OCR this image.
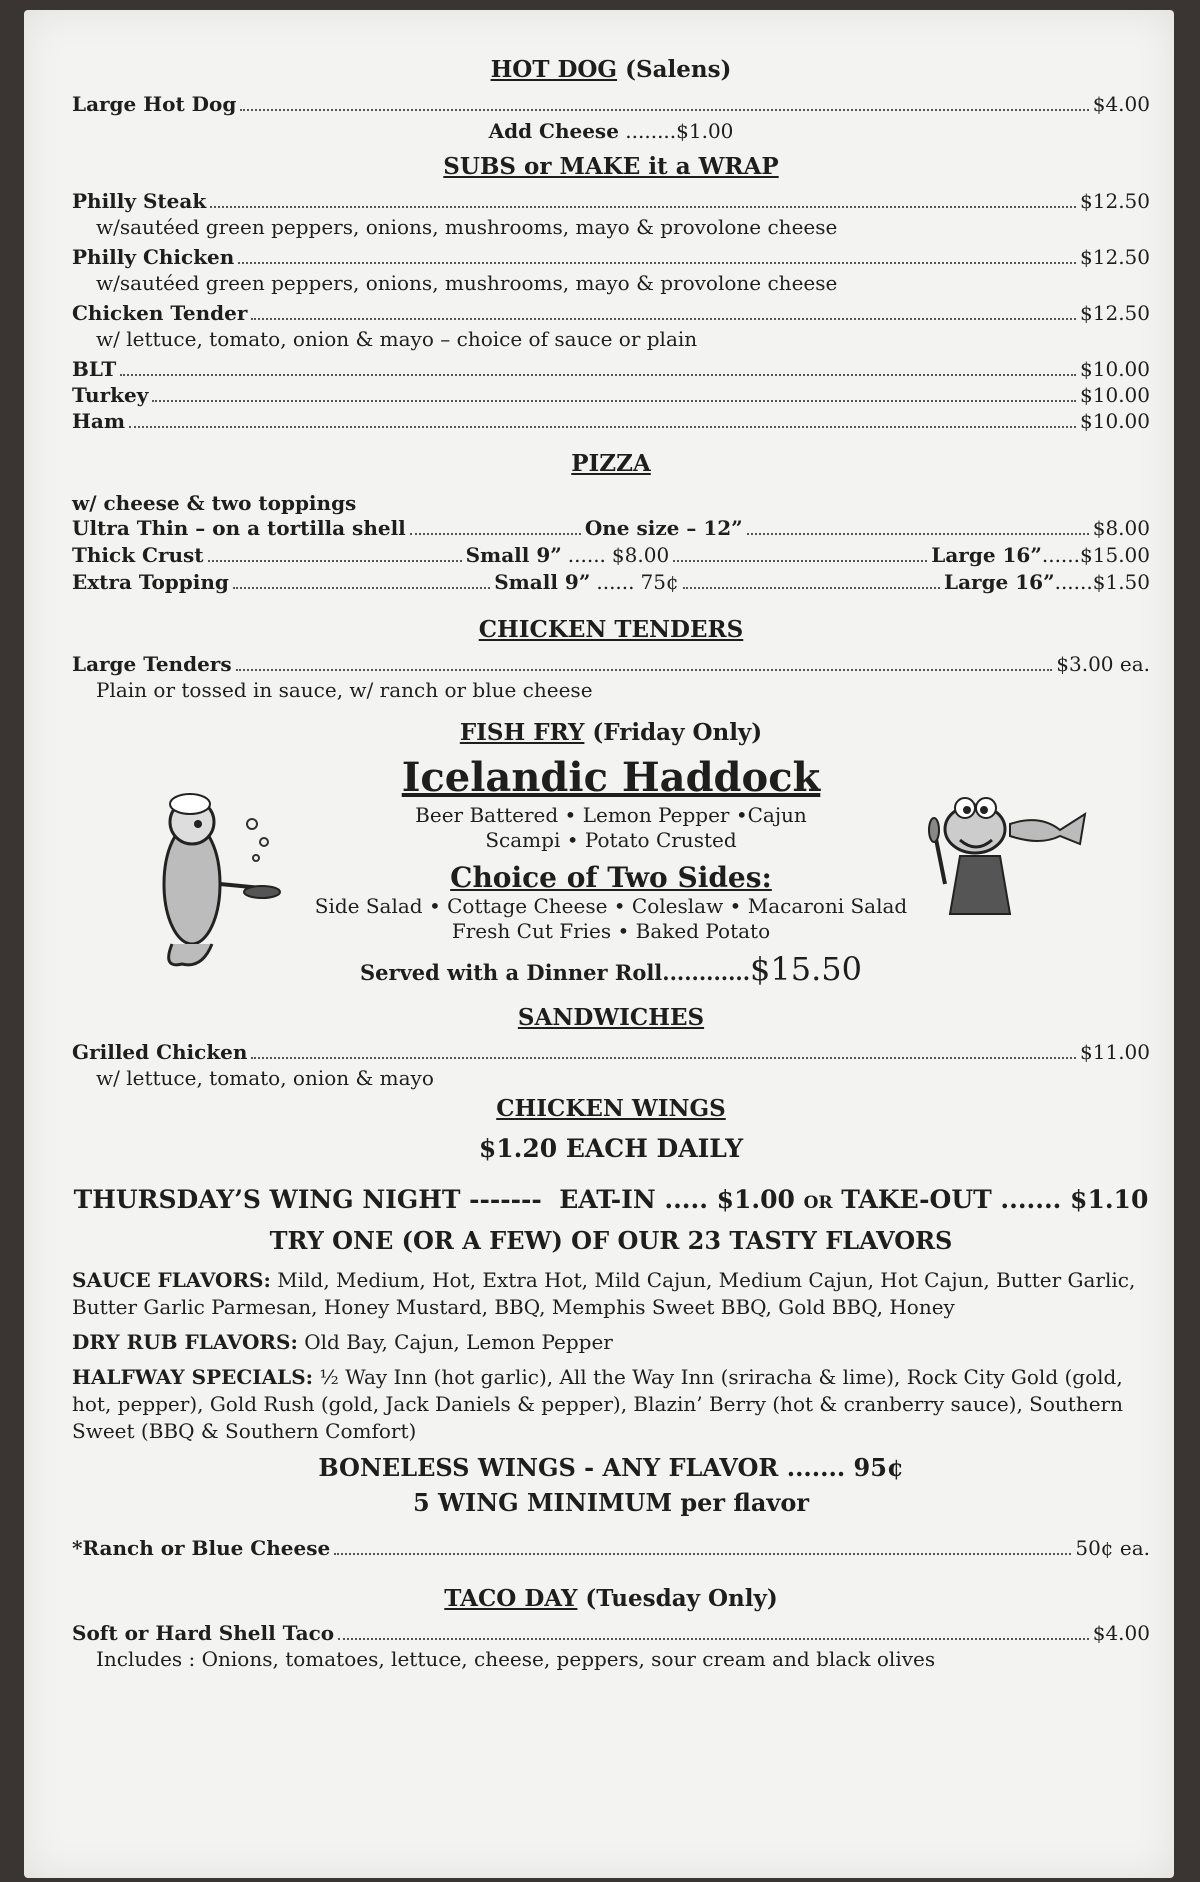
HOT DOG (Salens)
Large Hot Dog	$4.00
Add Cheese ........$1.00
SUBS or MAKE it a WRAP
Philly Steak	$12.50
w/sautéed green peppers, onions, mushrooms, mayo & provolone cheese
Philly Chicken	$12.50
w/sautéed green peppers, onions, mushrooms, mayo & provolone cheese
Chicken Tender	$12.50
w/ lettuce, tomato, onion & mayo – choice of sauce or plain
BLT	$10.00
Turkey	$10.00
Ham	$10.00
PIZZA
w/ cheese & two toppings
Ultra Thin – on a tortilla shell	One size – 12”	$8.00
Thick Crust	Small 9” ...... $8.00	Large 16” ...... $15.00
Extra Topping	Small 9” ...... 75¢	Large 16” ...... $1.50
CHICKEN TENDERS
Large Tenders	$3.00 ea.
Plain or tossed in sauce, w/ ranch or blue cheese
FISH FRY (Friday Only)
Icelandic Haddock
Beer Battered • Lemon Pepper •Cajun
Scampi • Potato Crusted
Choice of Two Sides:
Side Salad • Cottage Cheese • Coleslaw • Macaroni Salad
Fresh Cut Fries • Baked Potato
Served with a Dinner Roll............$15.50
SANDWICHES
Grilled Chicken	$11.00
w/ lettuce, tomato, onion & mayo
CHICKEN WINGS
$1.20 EACH DAILY
THURSDAY’S WING NIGHT ------- EAT-IN ..... $1.00 OR TAKE-OUT ....... $1.10
TRY ONE (OR A FEW) OF OUR 23 TASTY FLAVORS
SAUCE FLAVORS: Mild, Medium, Hot, Extra Hot, Mild Cajun, Medium Cajun, Hot Cajun, Butter Garlic, Butter Garlic Parmesan, Honey Mustard, BBQ, Memphis Sweet BBQ, Gold BBQ, Honey
DRY RUB FLAVORS: Old Bay, Cajun, Lemon Pepper
HALFWAY SPECIALS: ½ Way Inn (hot garlic), All the Way Inn (sriracha & lime), Rock City Gold (gold, hot, pepper), Gold Rush (gold, Jack Daniels & pepper), Blazin’ Berry (hot & cranberry sauce), Southern Sweet (BBQ & Southern Comfort)
BONELESS WINGS - ANY FLAVOR ....... 95¢
5 WING MINIMUM per flavor
*Ranch or Blue Cheese	50¢ ea.
TACO DAY (Tuesday Only)
Soft or Hard Shell Taco	$4.00
Includes : Onions, tomatoes, lettuce, cheese, peppers, sour cream and black olives
